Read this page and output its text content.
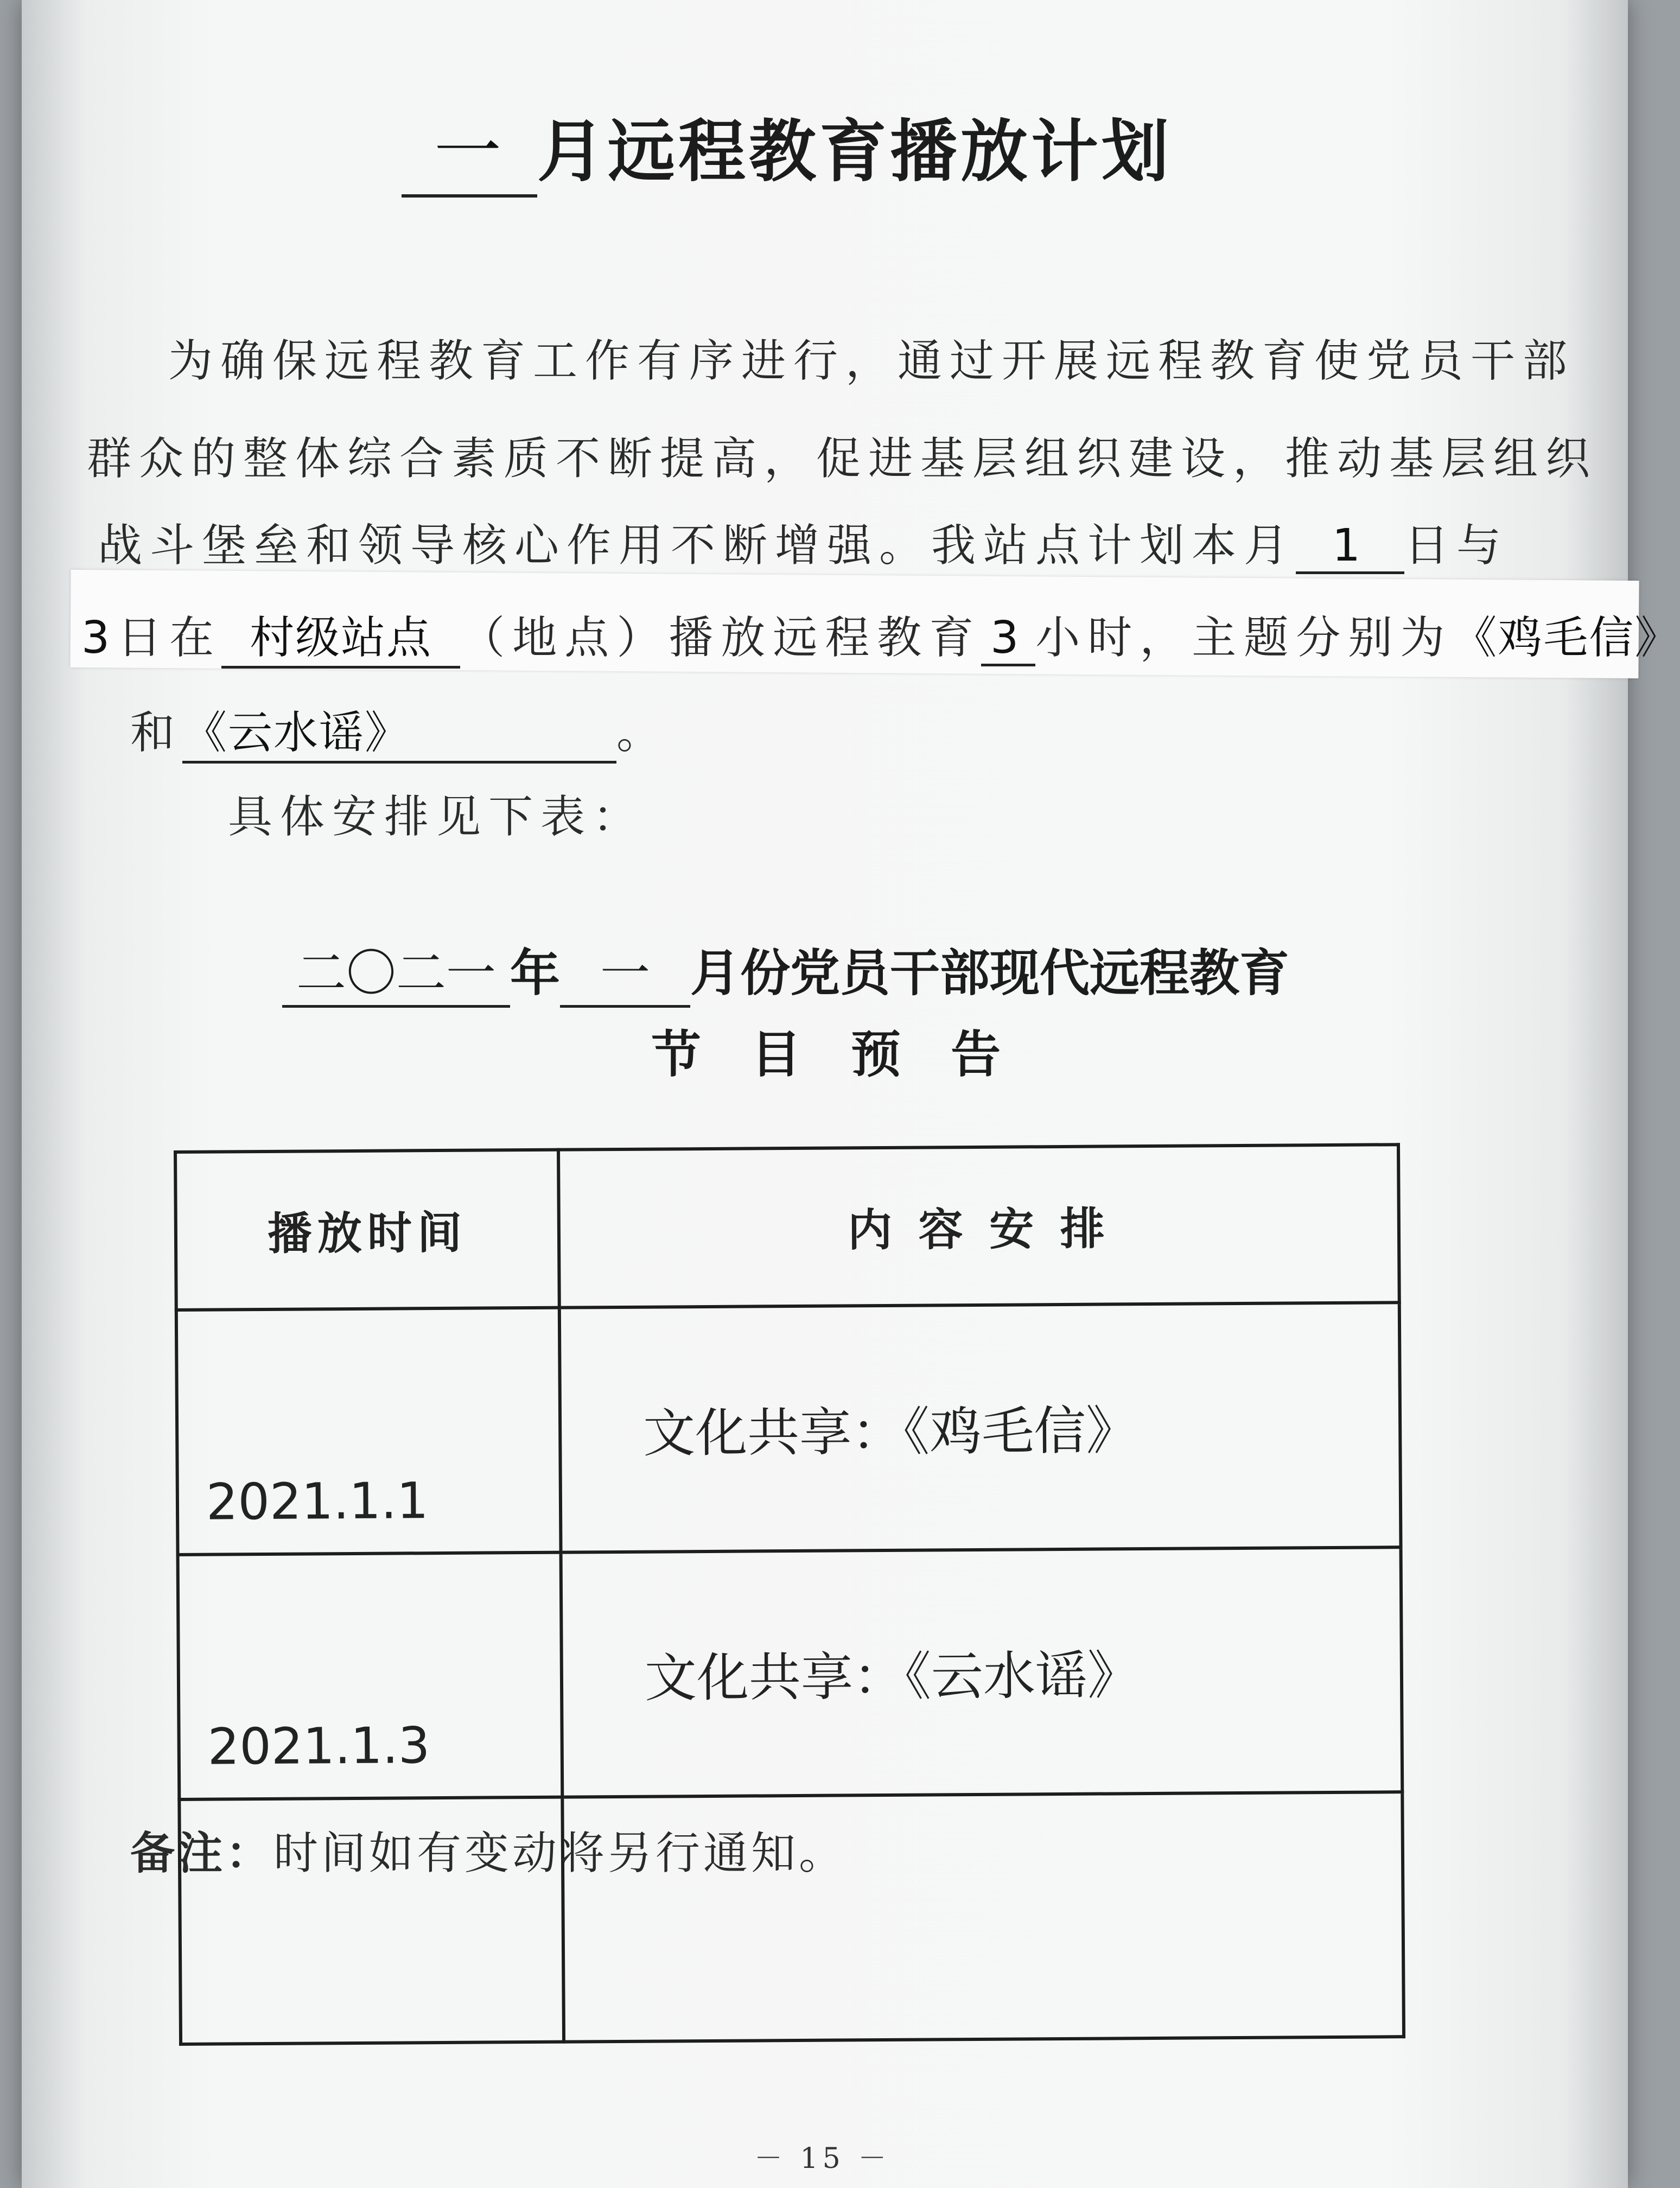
一 月远程教育播放计划
为确保远程教育工作有序进行，通过开展远程教育使党员干部
群众的整体综合素质不断提高，促进基层组织建设，推动基层组织
战斗堡垒和领导核心作用不断增强。我站点计划本月 1 日与
3日在 村级站点 （地点）播放远程教育 3 小时，主题分别为《鸡毛信》
和《云水谣》	。
具体安排见下表：
二〇二一 年 一 月份党员干部现代远程教育
节 目 预 告
播放时间	内 容 安 排
2021.1.1	文化共享：《鸡毛信》
2021.1.3	文化共享：《云水谣》

备注：时间如有变动将另行通知。
－ 15 －
